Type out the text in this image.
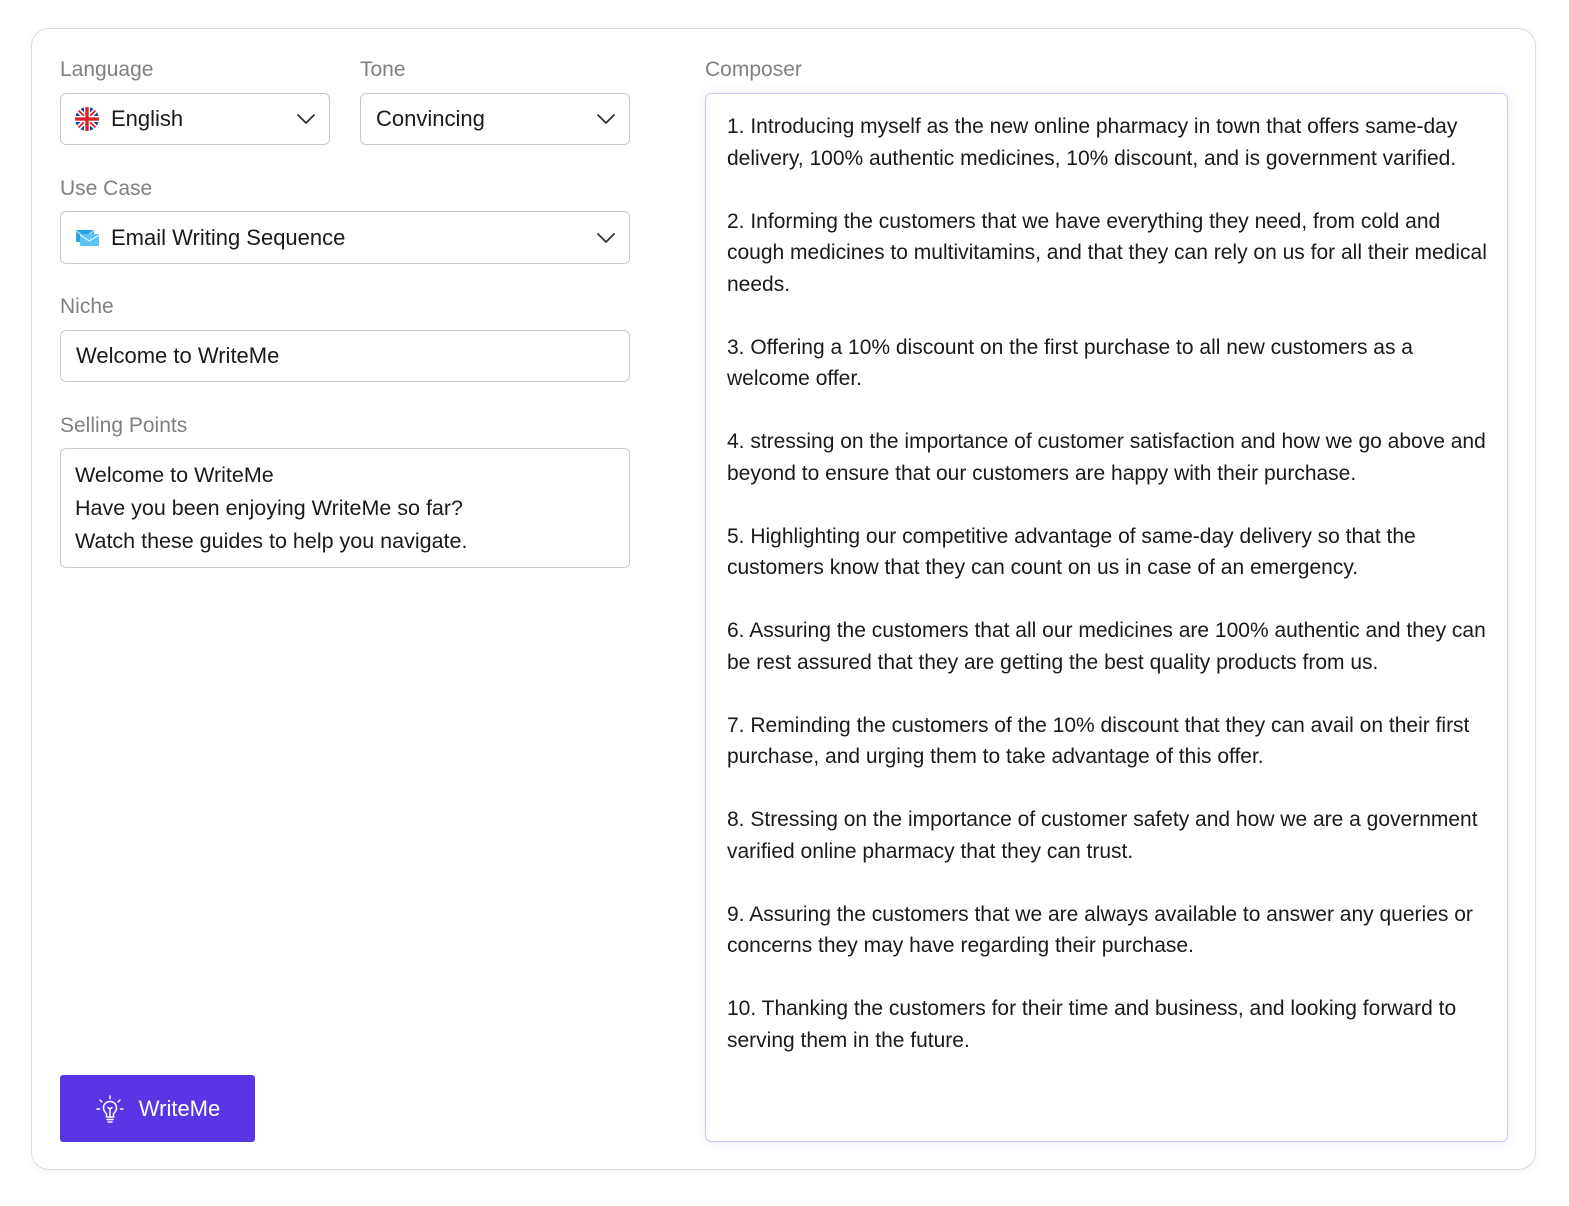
Language
English
Tone
Convincing
Use Case
Email Writing Sequence
Niche
Welcome to WriteMe
Selling Points
Welcome to WriteMe
Have you been enjoying WriteMe so far?
Watch these guides to help you navigate.
WriteMe
Composer

1. Introducing myself as the new online pharmacy in town that offers same-day delivery, 100% authentic medicines, 10% discount, and is government varified.

2. Informing the customers that we have everything they need, from cold and cough medicines to multivitamins, and that they can rely on us for all their medical needs.

3. Offering a 10% discount on the first purchase to all new customers as a welcome offer.

4. stressing on the importance of customer satisfaction and how we go above and beyond to ensure that our customers are happy with their purchase.

5. Highlighting our competitive advantage of same-day delivery so that the customers know that they can count on us in case of an emergency.

6. Assuring the customers that all our medicines are 100% authentic and they can be rest assured that they are getting the best quality products from us.

7. Reminding the customers of the 10% discount that they can avail on their first purchase, and urging them to take advantage of this offer.

8. Stressing on the importance of customer safety and how we are a government varified online pharmacy that they can trust.

9. Assuring the customers that we are always available to answer any queries or concerns they may have regarding their purchase.

10. Thanking the customers for their time and business, and looking forward to serving them in the future.
